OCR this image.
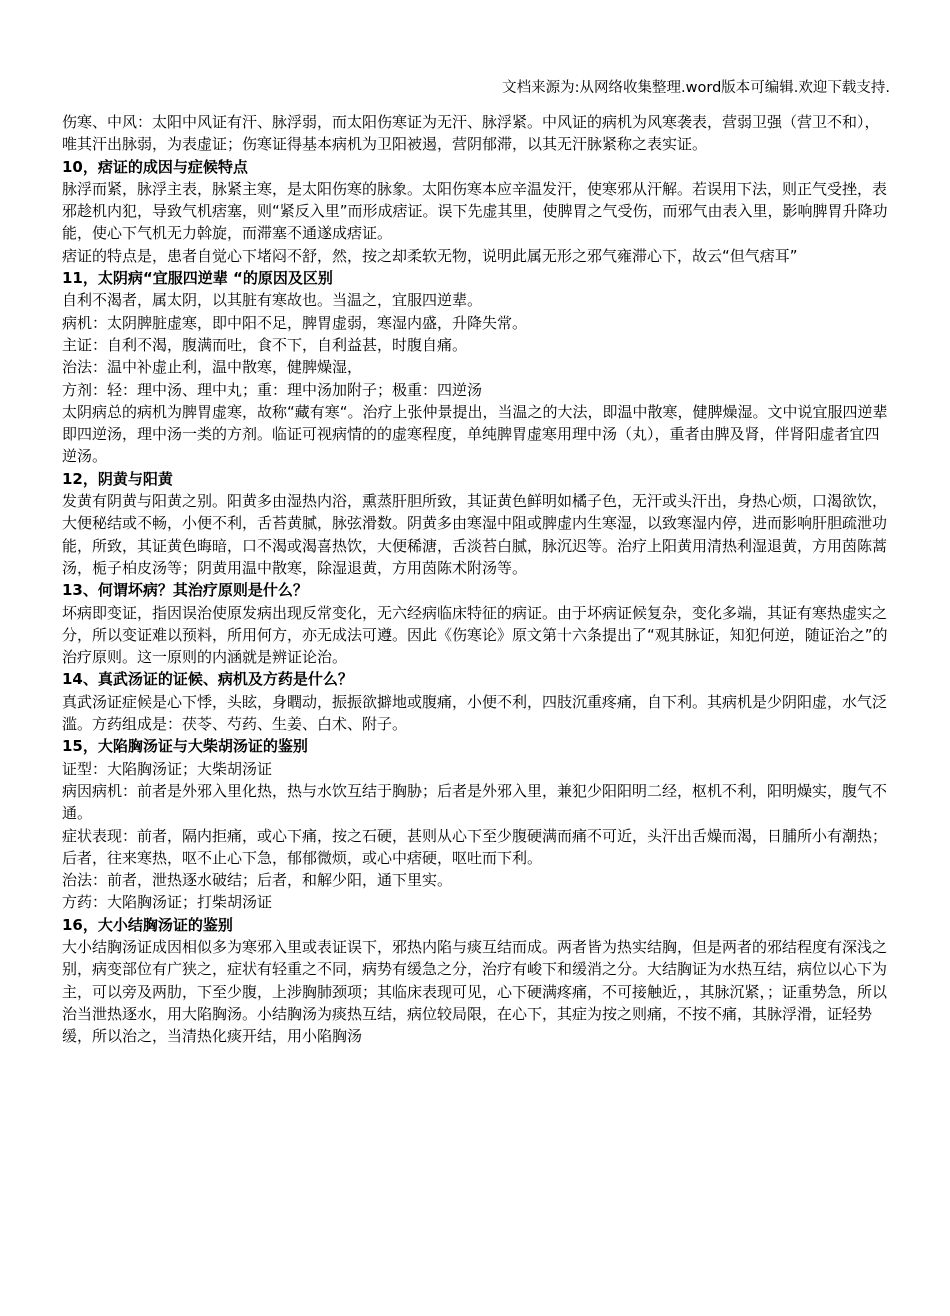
文档来源为:从网络收集整理.word版本可编辑.欢迎下载支持.

伤寒、中风：太阳中风证有汗、脉浮弱，而太阳伤寒证为无汗、脉浮紧。中风证的病机为风寒袭表，营弱卫强（营卫不和），唯其汗出脉弱，为表虚证；伤寒证得基本病机为卫阳被遏，营阴郁滞，以其无汗脉紧称之表实证。

10，痞证的成因与症候特点

脉浮而紧，脉浮主表，脉紧主寒，是太阳伤寒的脉象。太阳伤寒本应辛温发汗，使寒邪从汗解。若误用下法，则正气受挫，表邪趁机内犯，导致气机痞塞，则“紧反入里”而形成痞证。误下先虚其里，使脾胃之气受伤，而邪气由表入里，影响脾胃升降功能，使心下气机无力斡旋，而滞塞不通遂成痞证。

痞证的特点是，患者自觉心下堵闷不舒，然，按之却柔软无物，说明此属无形之邪气雍滞心下，故云“但气痞耳”

11，太阴病“宜服四逆辈 “的原因及区别

自利不渴者，属太阴，以其脏有寒故也。当温之，宜服四逆辈。

病机：太阴脾脏虚寒，即中阳不足，脾胃虚弱，寒湿内盛，升降失常。

主证：自利不渴，腹满而吐，食不下，自利益甚，时腹自痛。

治法：温中补虚止利，温中散寒，健脾燥湿，

方剂：轻：理中汤、理中丸；重：理中汤加附子；极重：四逆汤

太阴病总的病机为脾胃虚寒，故称“藏有寒“。治疗上张仲景提出，当温之的大法，即温中散寒，健脾燥湿。文中说宜服四逆辈即四逆汤，理中汤一类的方剂。临证可视病情的的虚寒程度，单纯脾胃虚寒用理中汤（丸），重者由脾及肾，伴肾阳虚者宜四逆汤。

12，阴黄与阳黄

发黄有阴黄与阳黄之别。阳黄多由湿热内浴，熏蒸肝胆所致，其证黄色鲜明如橘子色，无汗或头汗出，身热心烦，口渴欲饮，大便秘结或不畅，小便不利，舌苔黄腻，脉弦滑数。阴黄多由寒湿中阻或脾虚内生寒湿，以致寒湿内停，进而影响肝胆疏泄功能，所致，其证黄色晦暗，口不渴或渴喜热饮，大便稀溏，舌淡苔白腻，脉沉迟等。治疗上阳黄用清热利湿退黄，方用茵陈蒿汤，栀子柏皮汤等；阴黄用温中散寒，除湿退黄，方用茵陈术附汤等。

13、何谓坏病？其治疗原则是什么？

坏病即变证，指因误治使原发病出现反常变化，无六经病临床特征的病证。由于坏病证候复杂，变化多端，其证有寒热虚实之分，所以变证难以预料，所用何方，亦无成法可遵。因此《伤寒论》原文第十六条提出了“观其脉证，知犯何逆，随证治之”的治疗原则。这一原则的内涵就是辨证论治。

14、真武汤证的证候、病机及方药是什么？

真武汤证症候是心下悸，头眩，身瞤动，振振欲擗地或腹痛，小便不利，四肢沉重疼痛，自下利。其病机是少阴阳虚，水气泛滥。方药组成是：茯苓、芍药、生姜、白术、附子。

15，大陷胸汤证与大柴胡汤证的鉴别

证型：大陷胸汤证；大柴胡汤证

病因病机：前者是外邪入里化热，热与水饮互结于胸胁；后者是外邪入里，兼犯少阳阳明二经，枢机不利，阳明燥实，腹气不通。

症状表现：前者，隔内拒痛，或心下痛，按之石硬，甚则从心下至少腹硬满而痛不可近，头汗出舌燥而渴，日脯所小有潮热；后者，往来寒热，呕不止心下急，郁郁微烦，或心中痞硬，呕吐而下利。

治法：前者，泄热逐水破结；后者，和解少阳，通下里实。

方药：大陷胸汤证；打柴胡汤证

16，大小结胸汤证的鉴别

大小结胸汤证成因相似多为寒邪入里或表证误下，邪热内陷与痰互结而成。两者皆为热实结胸，但是两者的邪结程度有深浅之别，病变部位有广狭之，症状有轻重之不同，病势有缓急之分，治疗有峻下和缓消之分。大结胸证为水热互结，病位以心下为主，可以旁及两肋，下至少腹，上涉胸肺颈项；其临床表现可见，心下硬满疼痛，不可接触近，，其脉沉紧，；证重势急，所以治当泄热逐水，用大陷胸汤。小结胸汤为痰热互结，病位较局限，在心下，其症为按之则痛，不按不痛，其脉浮滑，证轻势缓，所以治之，当清热化痰开结，用小陷胸汤
